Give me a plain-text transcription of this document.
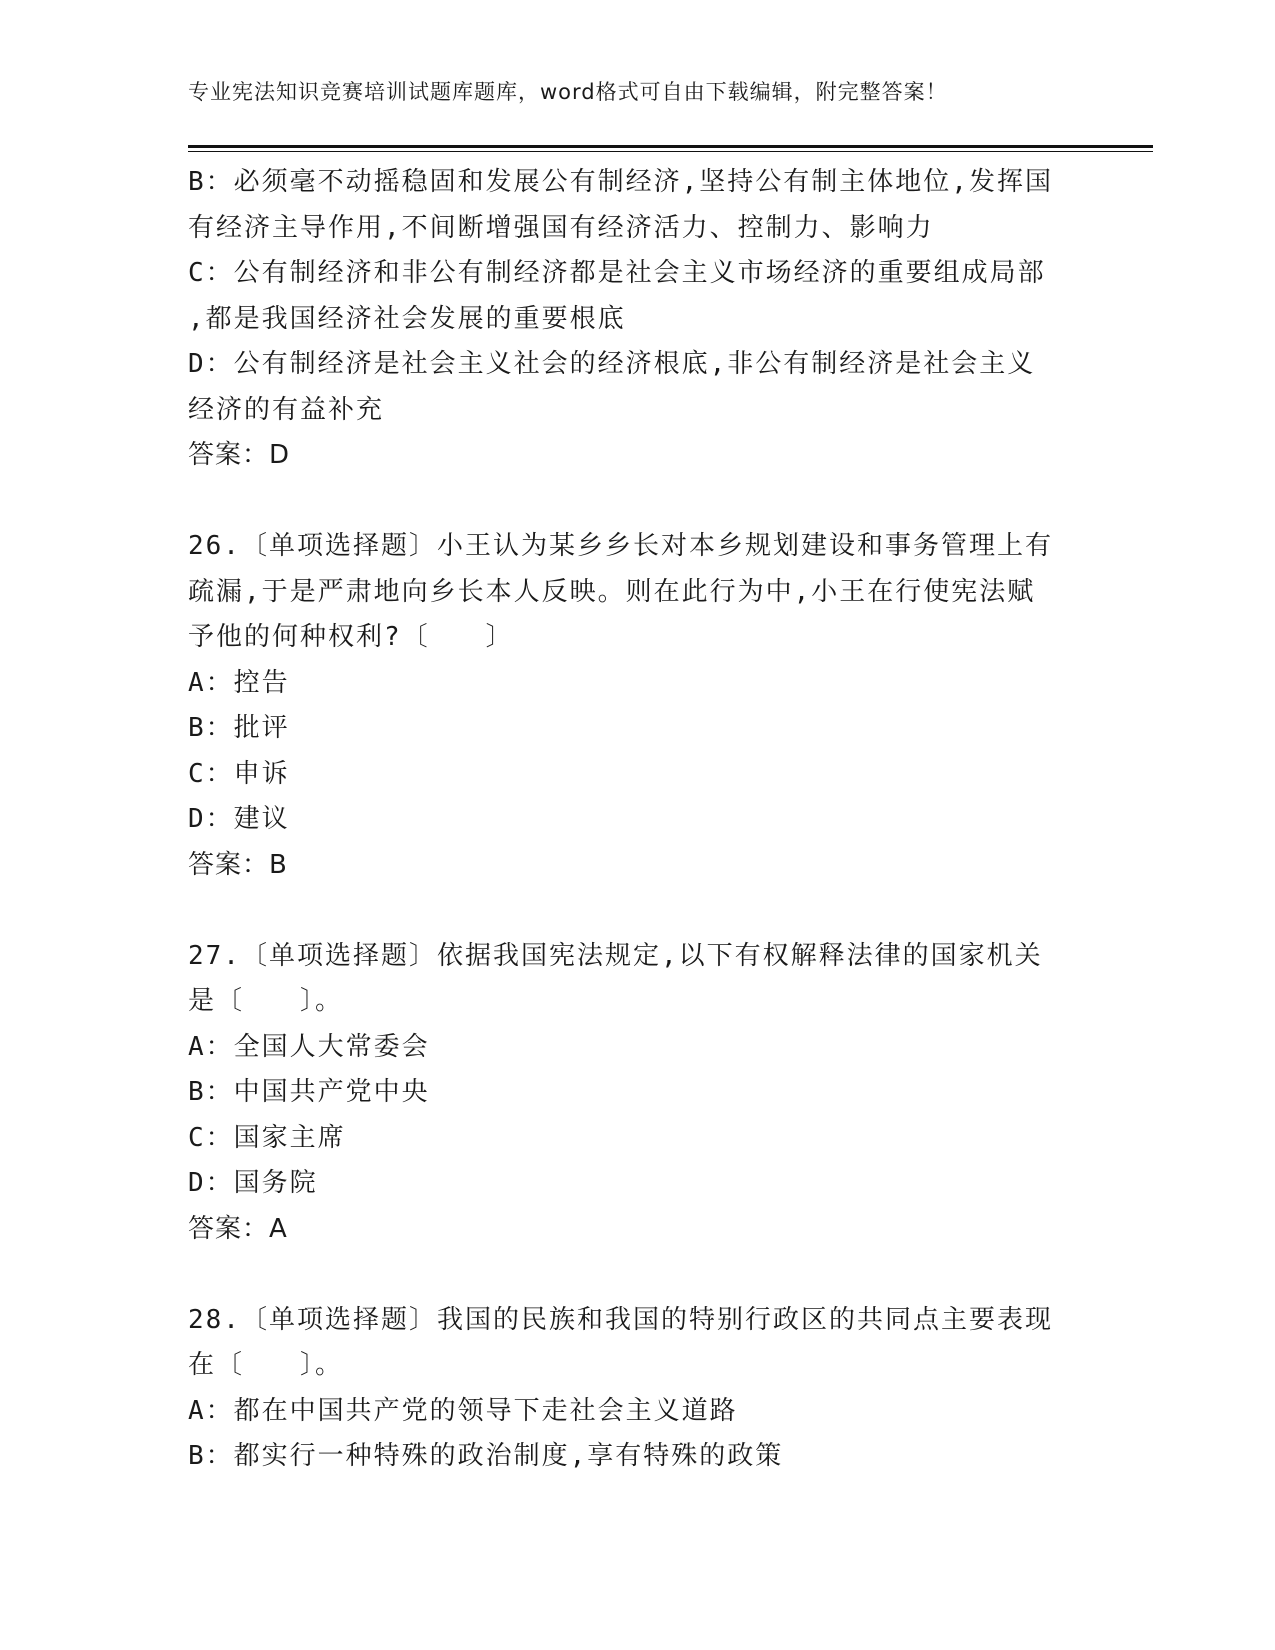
专业宪法知识竞赛培训试题库题库，word格式可自由下载编辑，附完整答案！
B：必须毫不动摇稳固和发展公有制经济,坚持公有制主体地位,发挥国
有经济主导作用,不间断增强国有经济活力、控制力、影响力
C：公有制经济和非公有制经济都是社会主义市场经济的重要组成局部
,都是我国经济社会发展的重要根底
D：公有制经济是社会主义社会的经济根底,非公有制经济是社会主义
经济的有益补充
答案：D
26.〔单项选择题〕小王认为某乡乡长对本乡规划建设和事务管理上有
疏漏,于是严肃地向乡长本人反映。则在此行为中,小王在行使宪法赋
予他的何种权利?〔　　〕
A：控告
B：批评
C：申诉
D：建议
答案：B
27.〔单项选择题〕依据我国宪法规定,以下有权解释法律的国家机关
是〔　　〕。
A：全国人大常委会
B：中国共产党中央
C：国家主席
D：国务院
答案：A
28.〔单项选择题〕我国的民族和我国的特别行政区的共同点主要表现
在〔　　〕。
A：都在中国共产党的领导下走社会主义道路
B：都实行一种特殊的政治制度,享有特殊的政策
